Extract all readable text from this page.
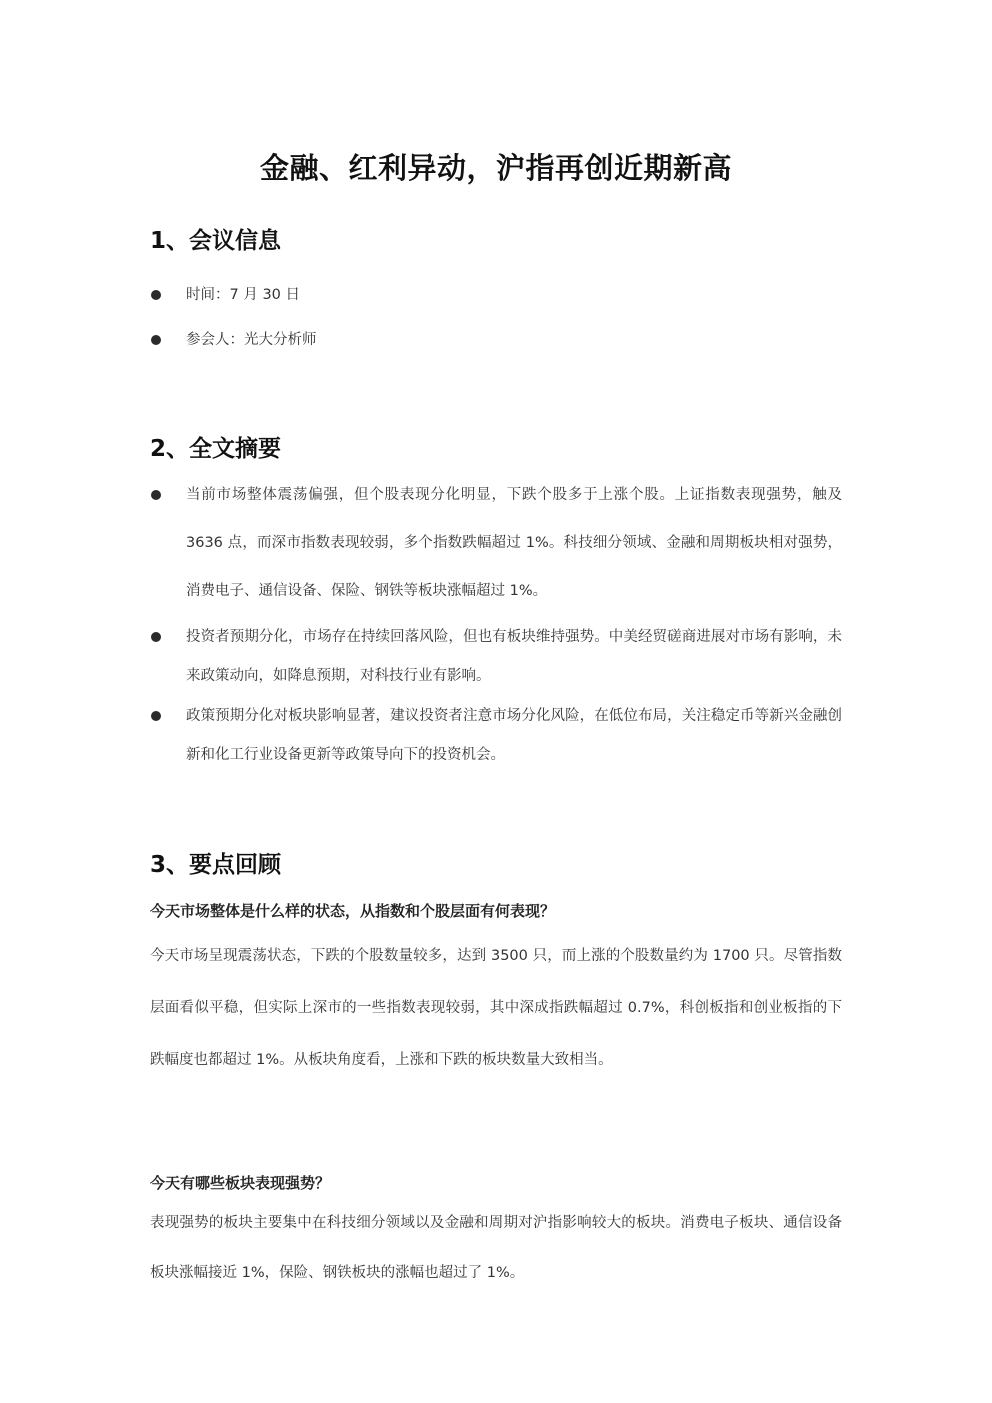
金融、红利异动，沪指再创近期新高
1、会议信息
时间：7 月 30 日
参会人：光大分析师
2、全文摘要
当前市场整体震荡偏强，但个股表现分化明显，下跌个股多于上涨个股。上证指数表现强势，触及 3636 点，而深市指数表现较弱，多个指数跌幅超过 1%。科技细分领域、金融和周期板块相对强势，消费电子、通信设备、保险、钢铁等板块涨幅超过 1%。
投资者预期分化，市场存在持续回落风险，但也有板块维持强势。中美经贸磋商进展对市场有影响，未来政策动向，如降息预期，对科技行业有影响。
政策预期分化对板块影响显著，建议投资者注意市场分化风险，在低位布局，关注稳定币等新兴金融创新和化工行业设备更新等政策导向下的投资机会。
3、要点回顾
今天市场整体是什么样的状态，从指数和个股层面有何表现？
今天市场呈现震荡状态，下跌的个股数量较多，达到 3500 只，而上涨的个股数量约为 1700 只。尽管指数层面看似平稳，但实际上深市的一些指数表现较弱，其中深成指跌幅超过 0.7%，科创板指和创业板指的下跌幅度也都超过 1%。从板块角度看，上涨和下跌的板块数量大致相当。
今天有哪些板块表现强势？
表现强势的板块主要集中在科技细分领域以及金融和周期对沪指影响较大的板块。消费电子板块、通信设备板块涨幅接近 1%，保险、钢铁板块的涨幅也超过了 1%。
